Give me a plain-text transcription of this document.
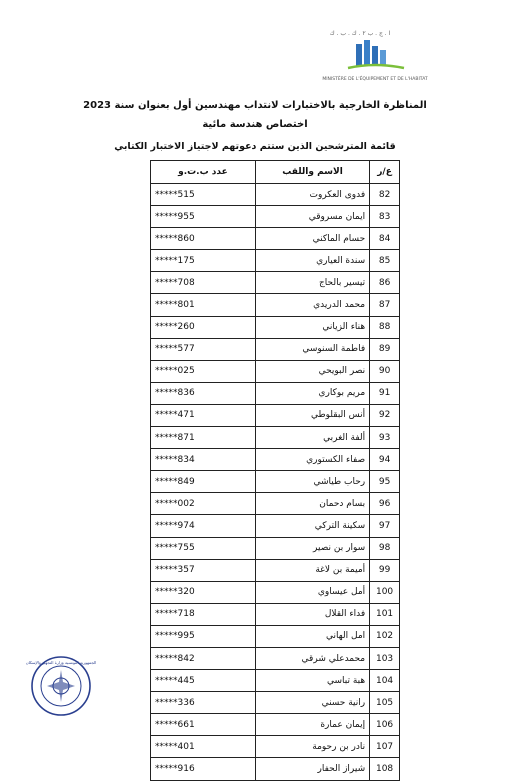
ا . ج . ب ٢ . ك . ب . ك
MINISTÈRE DE L'ÉQUIPEMENT ET DE L'HABITAT
المناظرة الخارجية بالاختبارات لانتداب مهندسين أول بعنوان سنة 2023
اختصاص هندسة مائية
قائمة المترشحين الذين ستتم دعوتهم لاجتياز الاختبار الكتابي
ع/ر	الاسم واللقب	عدد ب.ت.و
82	فدوى العكروت	*****515
83	ايمان مسروقي	*****955
84	حسام الماكني	*****860
85	سندة العياري	*****175
86	تيسير بالحاج	*****708
87	محمد الدريدي	*****801
88	هناء الزياني	*****260
89	فاطمة السنوسي	*****577
90	نصر البويحي	*****025
91	مريم بوكاري	*****836
92	أنس البقلوطي	*****471
93	ألفة الغربي	*****871
94	صفاء الكستوري	*****834
95	رحاب طياشي	*****849
96	بسام دحمان	*****002
97	سكينة التركي	*****974
98	سوار بن نصير	*****755
99	أميمة بن لاغة	*****357
100	أمل عيساوي	*****320
101	فداء القلال	*****718
102	امل الهاني	*****995
103	محمدعلي شرقي	*****842
104	هبة تباسي	*****445
105	رانية حسني	*****336
106	إيمان عمارة	*****661
107	نادر بن رحومة	*****401
108	شيراز الحفار	*****916
الجمهورية التونسية وزارة التجهيز والإسكان
